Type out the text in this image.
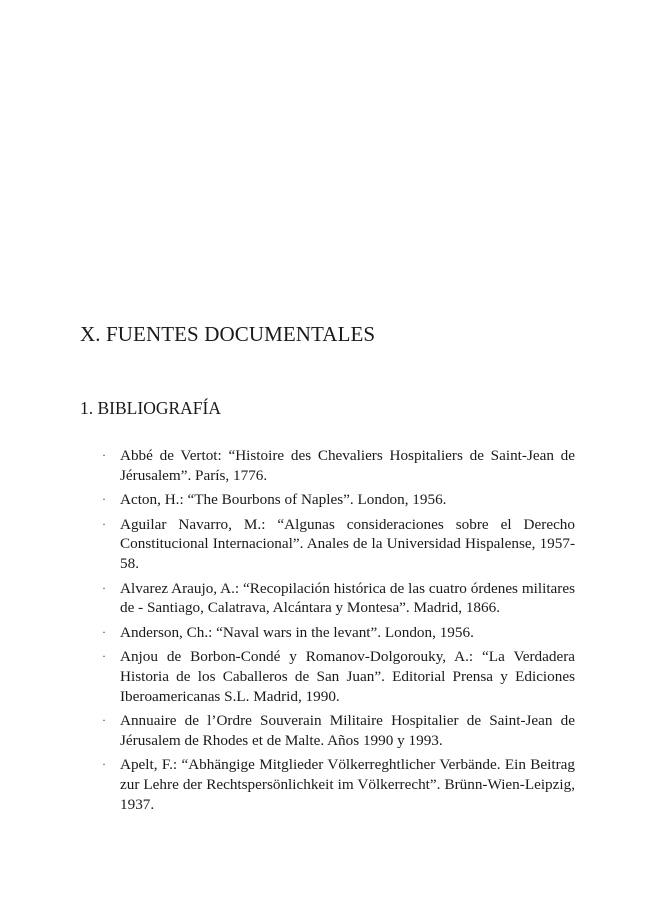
X. FUENTES DOCUMENTALES
1. BIBLIOGRAFÍA
· Abbé de Vertot: “Histoire des Chevaliers Hospitaliers de Saint-Jean de Jérusalem”. París, 1776.
· Acton, H.: “The Bourbons of Naples”. London, 1956.
· Aguilar Navarro, M.: “Algunas consideraciones sobre el Derecho Constitucional Internacional”. Anales de la Universidad Hispalense, 1957-58.
· Alvarez Araujo, A.: “Recopilación histórica de las cuatro órdenes militares de - Santiago, Calatrava, Alcántara y Montesa”. Madrid, 1866.
· Anderson, Ch.: “Naval wars in the levant”. London, 1956.
· Anjou de Borbon-Condé y Romanov-Dolgorouky, A.: “La Verdadera Historia de los Caballeros de San Juan”. Editorial Prensa y Ediciones Iberoamericanas S.L. Madrid, 1990.
· Annuaire de l’Ordre Souverain Militaire Hospitalier de Saint-Jean de Jérusalem de Rhodes et de Malte. Años 1990 y 1993.
· Apelt, F.: “Abhängige Mitglieder Völkerreghtlicher Verbände. Ein Beitrag zur Lehre der Rechtspersönlichkeit im Völkerrecht”. Brünn-Wien-Leipzig, 1937.
